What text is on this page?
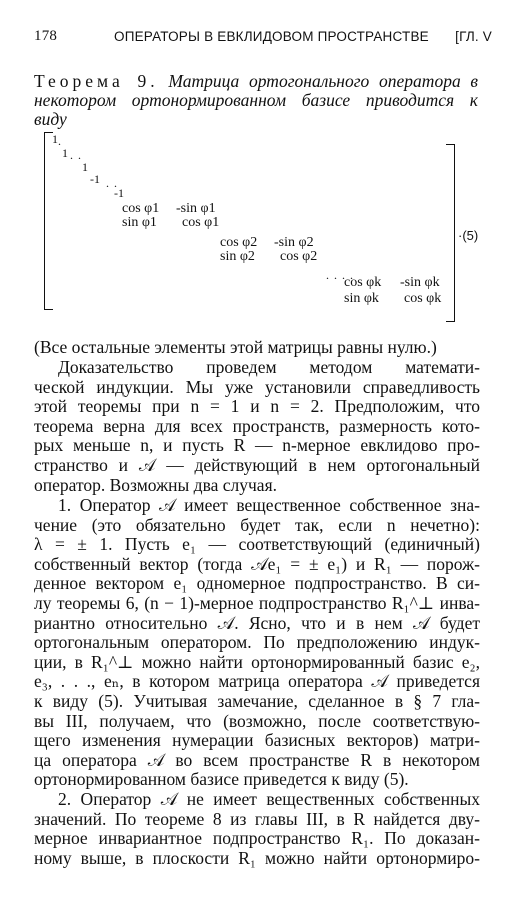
178	ОПЕРАТОРЫ В ЕВКЛИДОВОМ ПРОСТРАНСТВЕ [ГЛ. V
Теорема 9. Матрица ортогонального оператора в
некотором ортонормированном базисе приводится к
виду
1 .
1 . .
1
-1 . .
-1
cos φ1 -sin φ1
sin φ1 cos φ1
cos φ2 -sin φ2
sin φ2 cos φ2
. . . .
cos φk -sin φk
sin φk cos φk
·(5)
(Все остальные элементы этой матрицы равны нулю.)
Доказательство проведем методом математи-
ческой индукции. Мы уже установили справедливость
этой теоремы при n = 1 и n = 2. Предположим, что
теорема верна для всех пространств, размерность кото-
рых меньше n, и пусть R — n-мерное евклидово про-
странство и 𝒜 — действующий в нем ортогональный
оператор. Возможны два случая.
1. Оператор 𝒜 имеет вещественное собственное зна-
чение (это обязательно будет так, если n нечетно):
λ = ± 1. Пусть e₁ — соответствующий (единичный)
собственный вектор (тогда 𝒜e₁ = ± e₁) и R₁ — порож-
денное вектором e₁ одномерное подпространство. В си-
лу теоремы 6, (n − 1)-мерное подпространство R₁^⊥ инва-
риантно относительно 𝒜. Ясно, что и в нем 𝒜 будет
ортогональным оператором. По предположению индук-
ции, в R₁^⊥ можно найти ортонормированный базис e₂,
e₃, . . ., eₙ, в котором матрица оператора 𝒜 приведется
к виду (5). Учитывая замечание, сделанное в § 7 гла-
вы III, получаем, что (возможно, после соответствую-
щего изменения нумерации базисных векторов) матри-
ца оператора 𝒜 во всем пространстве R в некотором
ортонормированном базисе приведется к виду (5).
2. Оператор 𝒜 не имеет вещественных собственных
значений. По теореме 8 из главы III, в R найдется дву-
мерное инвариантное подпространство R₁. По доказан-
ному выше, в плоскости R₁ можно найти ортонормиро-
